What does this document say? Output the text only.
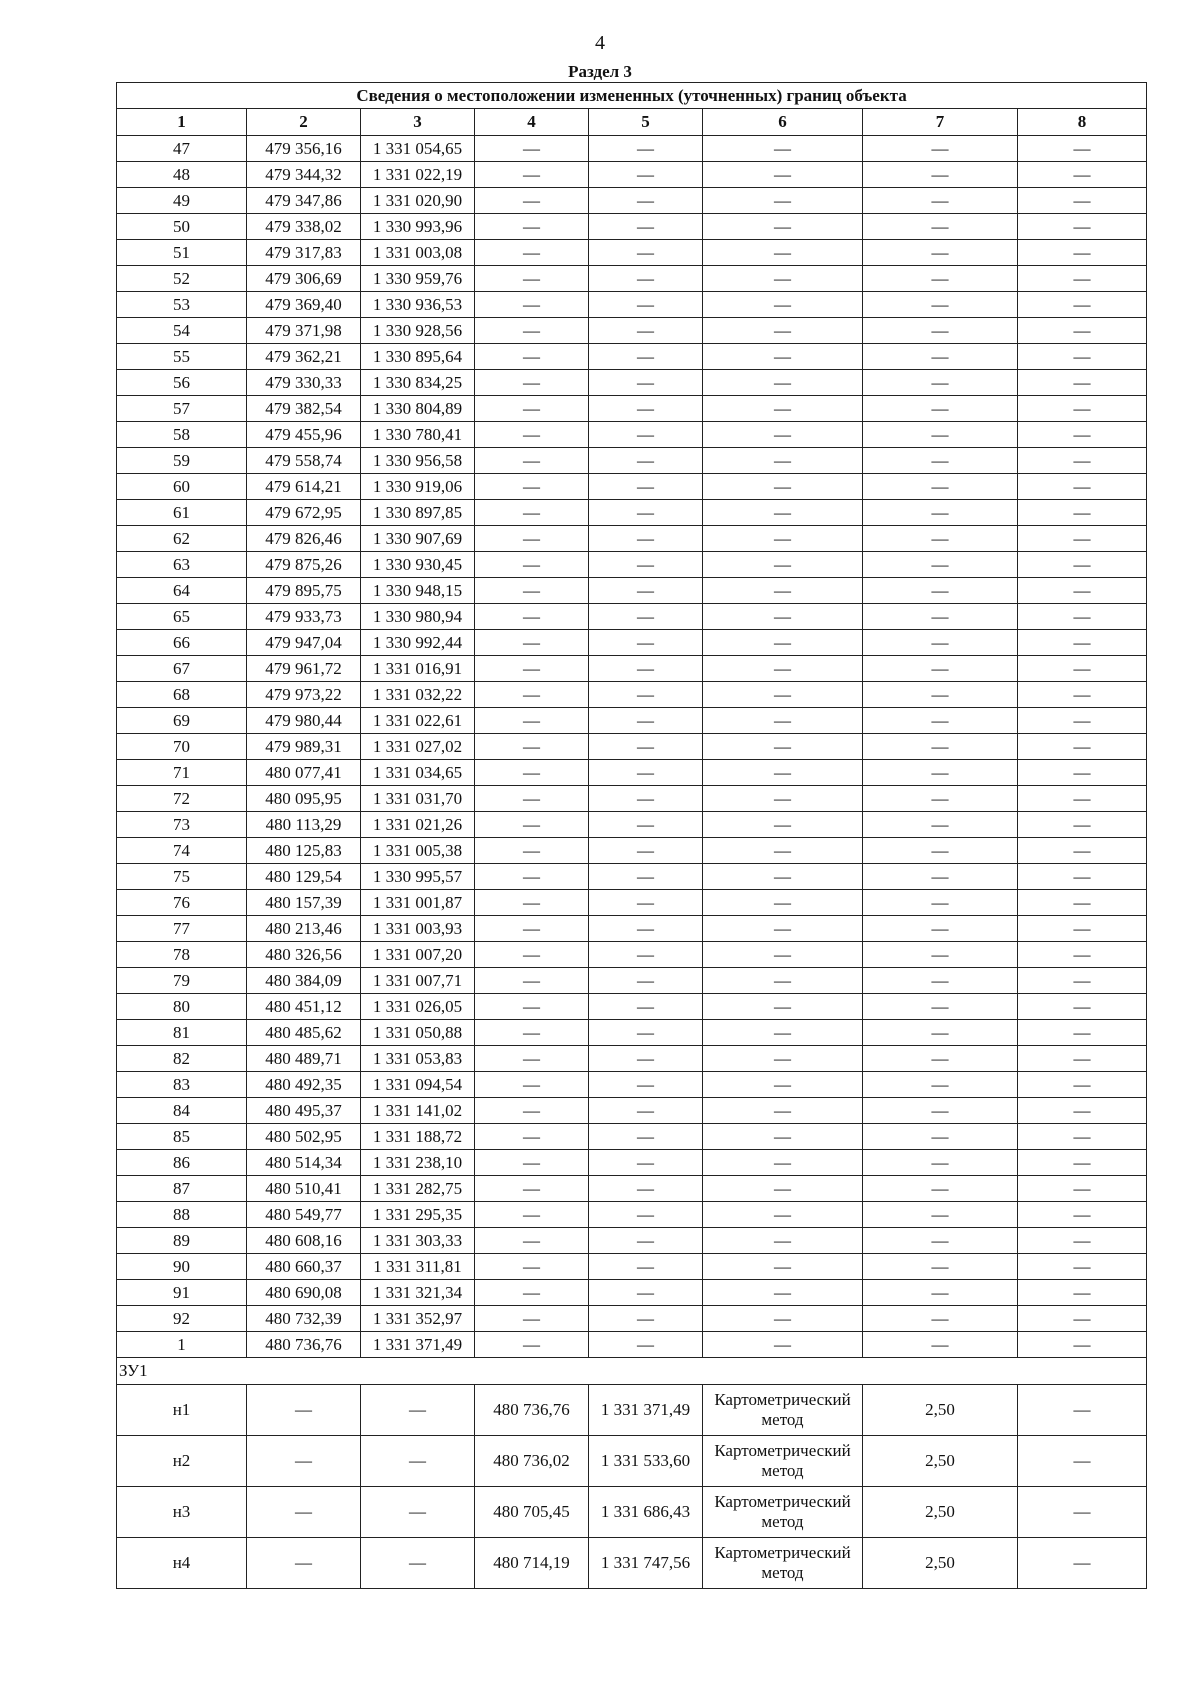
4
Раздел 3
Сведения о местоположении измененных (уточненных) границ объекта							
1	2	3	4	5	6	7	8
47	479 356,16	1 331 054,65	—	—	—	—	—
48	479 344,32	1 331 022,19	—	—	—	—	—
49	479 347,86	1 331 020,90	—	—	—	—	—
50	479 338,02	1 330 993,96	—	—	—	—	—
51	479 317,83	1 331 003,08	—	—	—	—	—
52	479 306,69	1 330 959,76	—	—	—	—	—
53	479 369,40	1 330 936,53	—	—	—	—	—
54	479 371,98	1 330 928,56	—	—	—	—	—
55	479 362,21	1 330 895,64	—	—	—	—	—
56	479 330,33	1 330 834,25	—	—	—	—	—
57	479 382,54	1 330 804,89	—	—	—	—	—
58	479 455,96	1 330 780,41	—	—	—	—	—
59	479 558,74	1 330 956,58	—	—	—	—	—
60	479 614,21	1 330 919,06	—	—	—	—	—
61	479 672,95	1 330 897,85	—	—	—	—	—
62	479 826,46	1 330 907,69	—	—	—	—	—
63	479 875,26	1 330 930,45	—	—	—	—	—
64	479 895,75	1 330 948,15	—	—	—	—	—
65	479 933,73	1 330 980,94	—	—	—	—	—
66	479 947,04	1 330 992,44	—	—	—	—	—
67	479 961,72	1 331 016,91	—	—	—	—	—
68	479 973,22	1 331 032,22	—	—	—	—	—
69	479 980,44	1 331 022,61	—	—	—	—	—
70	479 989,31	1 331 027,02	—	—	—	—	—
71	480 077,41	1 331 034,65	—	—	—	—	—
72	480 095,95	1 331 031,70	—	—	—	—	—
73	480 113,29	1 331 021,26	—	—	—	—	—
74	480 125,83	1 331 005,38	—	—	—	—	—
75	480 129,54	1 330 995,57	—	—	—	—	—
76	480 157,39	1 331 001,87	—	—	—	—	—
77	480 213,46	1 331 003,93	—	—	—	—	—
78	480 326,56	1 331 007,20	—	—	—	—	—
79	480 384,09	1 331 007,71	—	—	—	—	—
80	480 451,12	1 331 026,05	—	—	—	—	—
81	480 485,62	1 331 050,88	—	—	—	—	—
82	480 489,71	1 331 053,83	—	—	—	—	—
83	480 492,35	1 331 094,54	—	—	—	—	—
84	480 495,37	1 331 141,02	—	—	—	—	—
85	480 502,95	1 331 188,72	—	—	—	—	—
86	480 514,34	1 331 238,10	—	—	—	—	—
87	480 510,41	1 331 282,75	—	—	—	—	—
88	480 549,77	1 331 295,35	—	—	—	—	—
89	480 608,16	1 331 303,33	—	—	—	—	—
90	480 660,37	1 331 311,81	—	—	—	—	—
91	480 690,08	1 331 321,34	—	—	—	—	—
92	480 732,39	1 331 352,97	—	—	—	—	—
1	480 736,76	1 331 371,49	—	—	—	—	—
ЗУ1							
н1	—	—	480 736,76	1 331 371,49	Картометрический метод	2,50	—
н2	—	—	480 736,02	1 331 533,60	Картометрический метод	2,50	—
н3	—	—	480 705,45	1 331 686,43	Картометрический метод	2,50	—
н4	—	—	480 714,19	1 331 747,56	Картометрический метод	2,50	—
